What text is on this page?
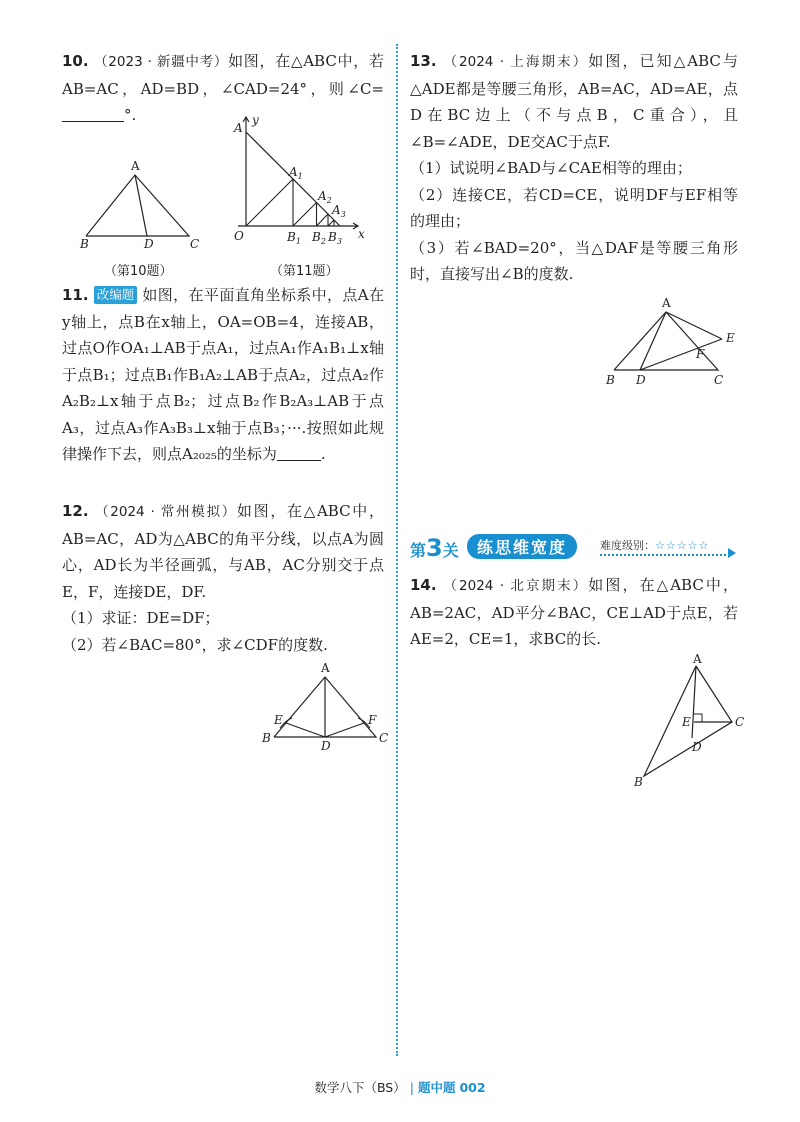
10. （2023 · 新疆中考）如图，在△ABC中，若AB=AC，AD=BD，∠CAD=24°，则∠C=°.

A
B	D	C
（第10题）
A
y
x
O
$A_1$
$A_2$
$A_3$
$B_1$ $B_2$ $B_3$
（第11题）

11. 改编题 如图，在平面直角坐标系中，点A在y轴上，点B在x轴上，OA=OB=4，连接AB，过点O作OA₁⊥AB于点A₁，过点A₁作A₁B₁⊥x轴于点B₁；过点B₁作B₁A₂⊥AB于点A₂，过点A₂作A₂B₂⊥x轴于点B₂；过点B₂作B₂A₃⊥AB于点A₃，过点A₃作A₃B₃⊥x轴于点B₃；···.按照如此规律操作下去，则点A₂₀₂₅的坐标为	.

12. （2024 · 常州模拟）如图，在△ABC中，AB=AC，AD为△ABC的角平分线，以点A为圆心，AD长为半径画弧，与AB，AC分别交于点E，F，连接DE，DF.

（1）求证：DE=DF；

（2）若∠BAC=80°，求∠CDF的度数.

A
E	F
B	C
D

13. （2024 · 上海期末）如图，已知△ABC与△ADE都是等腰三角形，AB=AC，AD=AE，点D在BC边上（不与点B，C重合），且∠B=∠ADE，DE交AC于点F.

（1）试说明∠BAD与∠CAE相等的理由；

（2）连接CE，若CD=CE，说明DF与EF相等的理由；

（3）若∠BAD=20°，当△DAF是等腰三角形时，直接写出∠B的度数.

A
E
F
B D	C
第3关	练思维宽度	难度级别：☆☆☆☆☆

14. （2024 · 北京期末）如图，在△ABC中，AB=2AC，AD平分∠BAC，CE⊥AD于点E，若AE=2，CE=1，求BC的长.

A
E	C
D
B
数学八下（BS） | 题中题 002
